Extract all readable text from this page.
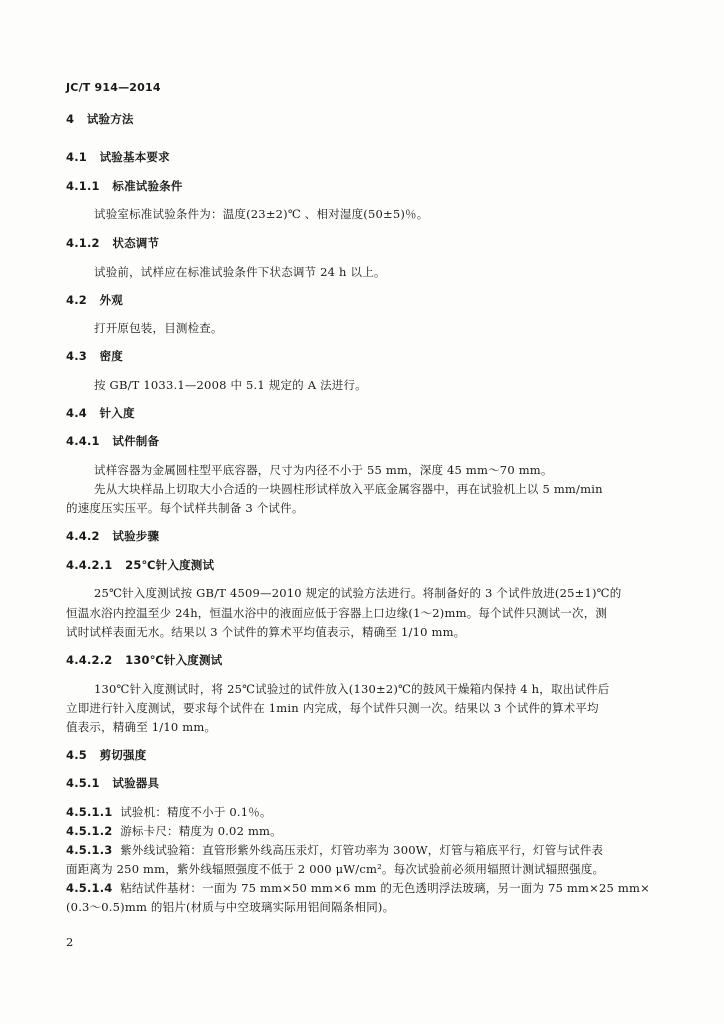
JC/T 914—2014
4 试验方法
4.1 试验基本要求
4.1.1 标准试验条件
试验室标准试验条件为：温度(23±2)℃ 、相对湿度(50±5)％。
4.1.2 状态调节
试验前，试样应在标准试验条件下状态调节 24 h 以上。
4.2 外观
打开原包装，目测检查。
4.3 密度
按 GB/T 1033.1—2008 中 5.1 规定的 A 法进行。
4.4 针入度
4.4.1 试件制备
试样容器为金属圆柱型平底容器，尺寸为内径不小于 55 mm，深度 45 mm～70 mm。
先从大块样品上切取大小合适的一块圆柱形试样放入平底金属容器中，再在试验机上以 5 mm/min
的速度压实压平。每个试样共制备 3 个试件。
4.4.2 试验步骤
4.4.2.1 25℃针入度测试
25℃针入度测试按 GB/T 4509—2010 规定的试验方法进行。将制备好的 3 个试件放进(25±1)℃的
恒温水浴内控温至少 24h，恒温水浴中的液面应低于容器上口边缘(1～2)mm。每个试件只测试一次，测
试时试样表面无水。结果以 3 个试件的算术平均值表示，精确至 1/10 mm。
4.4.2.2 130℃针入度测试
130℃针入度测试时，将 25℃试验过的试件放入(130±2)℃的鼓风干燥箱内保持 4 h，取出试件后
立即进行针入度测试，要求每个试件在 1min 内完成，每个试件只测一次。结果以 3 个试件的算术平均
值表示，精确至 1/10 mm。
4.5 剪切强度
4.5.1 试验器具
4.5.1.1 试验机：精度不小于 0.1％。
4.5.1.2 游标卡尺：精度为 0.02 mm。
4.5.1.3 紫外线试验箱：直管形紫外线高压汞灯，灯管功率为 300W，灯管与箱底平行，灯管与试件表
面距离为 250 mm，紫外线辐照强度不低于 2 000 μW/cm²。每次试验前必须用辐照计测试辐照强度。
4.5.1.4 粘结试件基材：一面为 75 mm×50 mm×6 mm 的无色透明浮法玻璃，另一面为 75 mm×25 mm×
(0.3～0.5)mm 的铝片(材质与中空玻璃实际用铝间隔条相同)。
2
